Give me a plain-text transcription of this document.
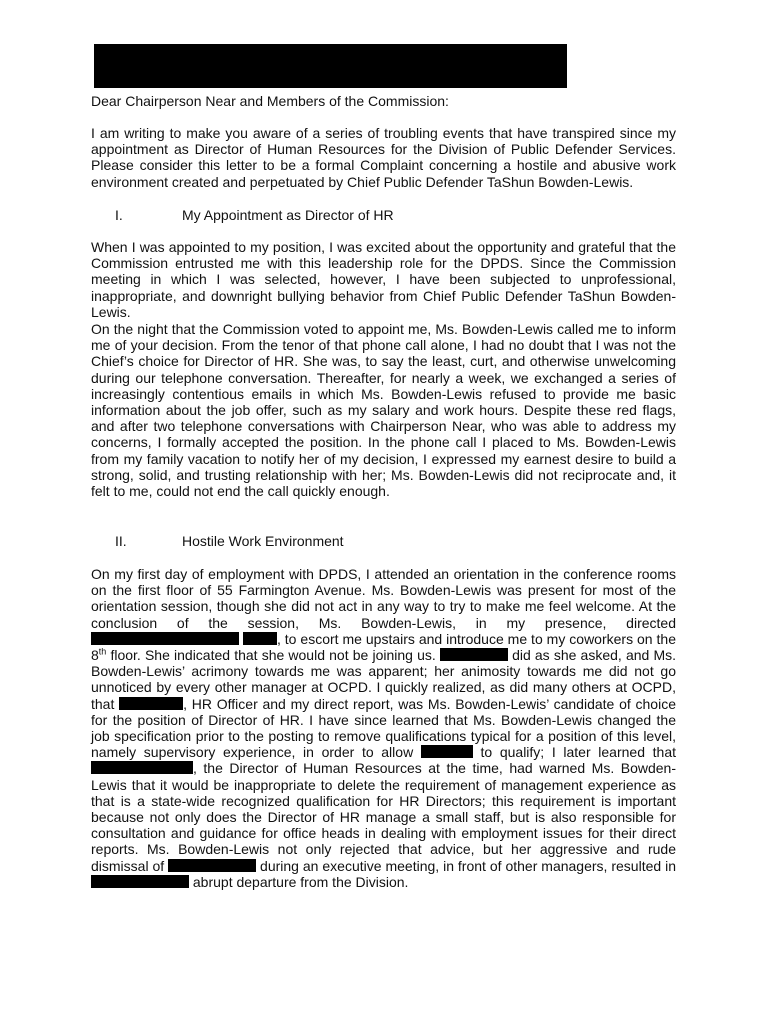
Dear Chairperson Near and Members of the Commission:

I am writing to make you aware of a series of troubling events that have transpired since my appointment as Director of Human Resources for the Division of Public Defender Services. Please consider this letter to be a formal Complaint concerning a hostile and abusive work environment created and perpetuated by Chief Public Defender TaShun Bowden-Lewis.

I.	My Appointment as Director of HR

When I was appointed to my position, I was excited about the opportunity and grateful that the Commission entrusted me with this leadership role for the DPDS. Since the Commission meeting in which I was selected, however, I have been subjected to unprofessional, inappropriate, and downright bullying behavior from Chief Public Defender TaShun Bowden-Lewis.

On the night that the Commission voted to appoint me, Ms. Bowden-Lewis called me to inform me of your decision. From the tenor of that phone call alone, I had no doubt that I was not the Chief’s choice for Director of HR. She was, to say the least, curt, and otherwise unwelcoming during our telephone conversation. Thereafter, for nearly a week, we exchanged a series of increasingly contentious emails in which Ms. Bowden-Lewis refused to provide me basic information about the job offer, such as my salary and work hours. Despite these red flags, and after two telephone conversations with Chairperson Near, who was able to address my concerns, I formally accepted the position. In the phone call I placed to Ms. Bowden-Lewis from my family vacation to notify her of my decision, I expressed my earnest desire to build a strong, solid, and trusting relationship with her; Ms. Bowden-Lewis did not reciprocate and, it felt to me, could not end the call quickly enough.

II.	Hostile Work Environment

On my first day of employment with DPDS, I attended an orientation in the conference rooms on the first floor of 55 Farmington Avenue. Ms. Bowden-Lewis was present for most of the orientation session, though she did not act in any way to try to make me feel welcome. At the conclusion of the session, Ms. Bowden-Lewis, in my presence, directed  , to escort me upstairs and introduce me to my coworkers on the 8th floor. She indicated that she would not be joining us.	did as she asked, and Ms. Bowden-Lewis’ acrimony towards me was apparent; her animosity towards me did not go unnoticed by every other manager at OCPD. I quickly realized, as did many others at OCPD, that	, HR Officer and my direct report, was Ms. Bowden-Lewis’ candidate of choice for the position of Director of HR. I have since learned that Ms. Bowden-Lewis changed the job specification prior to the posting to remove qualifications typical for a position of this level, namely supervisory experience, in order to allow	to qualify; I later learned that , the Director of Human Resources at the time, had warned Ms. Bowden-Lewis that it would be inappropriate to delete the requirement of management experience as that is a state-wide recognized qualification for HR Directors; this requirement is important because not only does the Director of HR manage a small staff, but is also responsible for consultation and guidance for office heads in dealing with employment issues for their direct reports. Ms. Bowden-Lewis not only rejected that advice, but her aggressive and rude dismissal of	during an executive meeting, in front of other managers, resulted in  abrupt departure from the Division.
